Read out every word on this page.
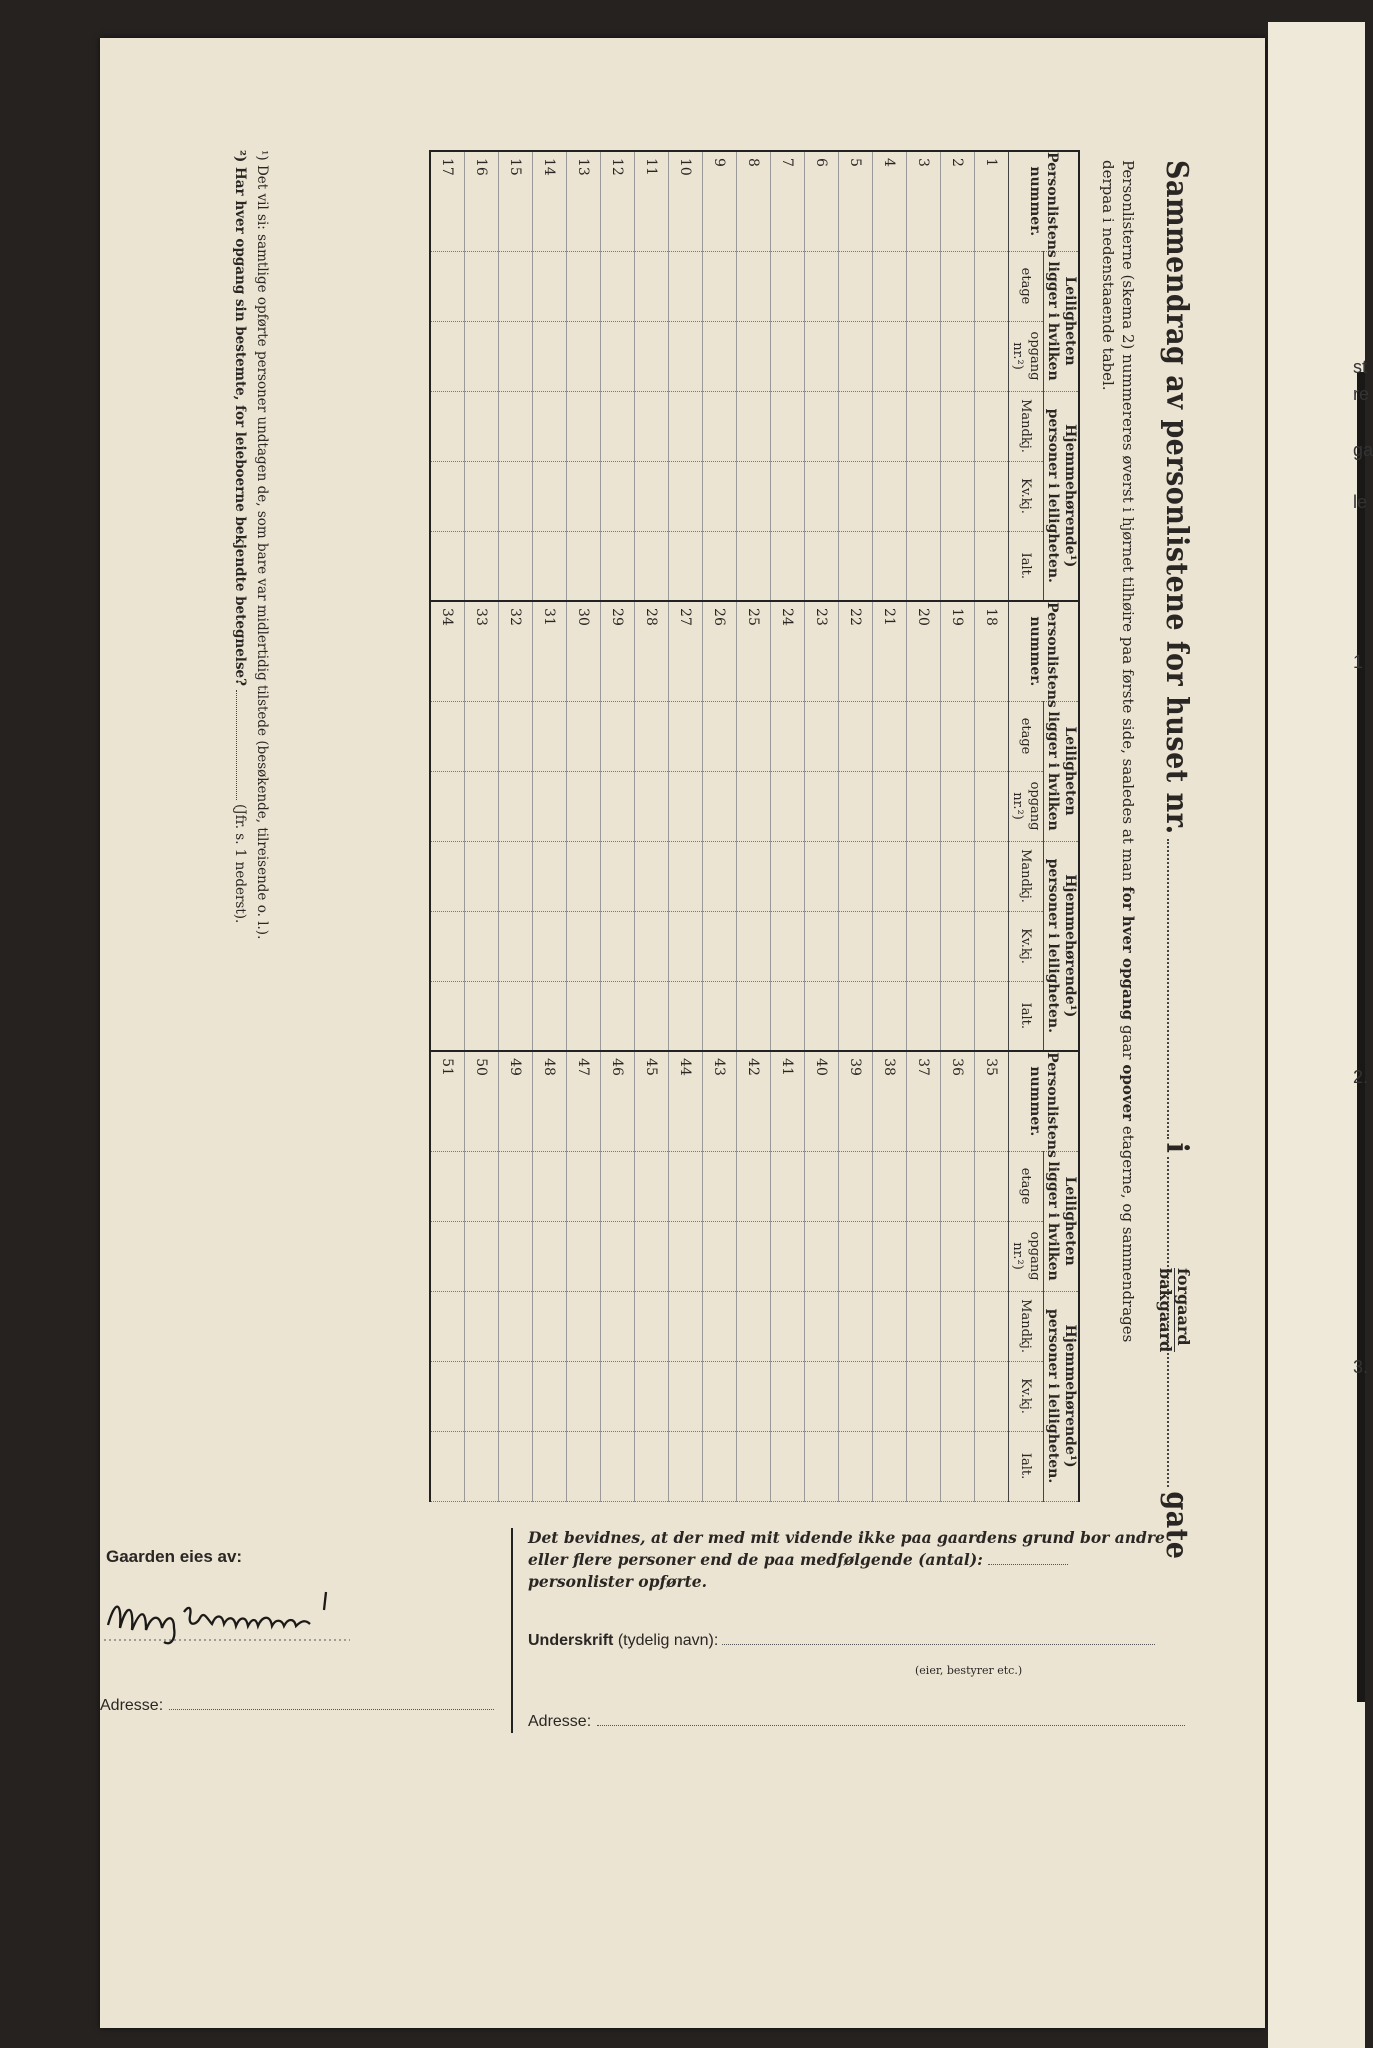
st
re
ga
le
1
2.
3.
Sammendrag av personlistene for huset nr.igate
forgaard
bakgaard
Personlisterne (skema 2) nummereres øverst i hjørnet tilhøire paa første side, saaledes at man for hver opgang gaar opover etagerne, og sammendrages derpaa i nedenstaaende tabel.
Personlistens nummer.	Leiligheten ligger i hvilken		Hjemmehørende¹) personer i leiligheten.			Personlistens nummer.	Leiligheten ligger i hvilken		Hjemmehørende¹) personer i leiligheten.			Personlistens nummer.	Leiligheten ligger i hvilken		Hjemmehørende¹) personer i leiligheten.		
	etage	opgang nr.²)	Mandkj.	Kv.kj.	Ialt.		etage	opgang nr.²)	Mandkj.	Kv.kj.	Ialt.		etage	opgang nr.²)	Mandkj.	Kv.kj.	Ialt.
1						18						35					
2						19						36					
3						20						37					
4						21						38					
5						22						39					
6						23						40					
7						24						41					
8						25						42					
9						26						43					
10						27						44					
11						28						45					
12						29						46					
13						30						47					
14						31						48					
15						32						49					
16						33						50					
17						34						51					
¹) Det vil si: samtlige opførte personer undtagen de, som bare var midlertidig tilstede (besøkende, tilreisende o. l.).
²) Har hver opgang sin bestemte, for leieboerne bekjendte betegnelse?(Jfr. s. 1 nederst).
Gaarden eies av:
Adresse:
Det bevidnes, at der med mit vidende ikke paa gaardens grund bor andre eller flere personer end de paa medfølgende (antal):
personlister opførte.
Underskrift (tydelig navn):
(eier, bestyrer etc.)
Adresse:
